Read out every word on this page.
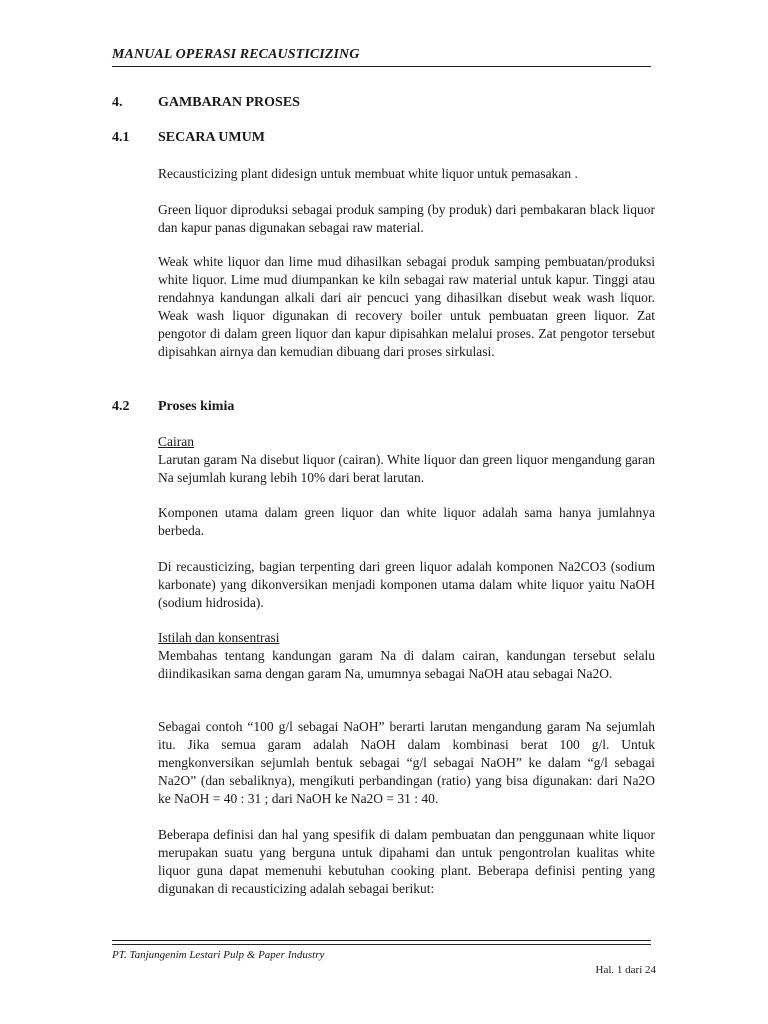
MANUAL OPERASI RECAUSTICIZING
4.	GAMBARAN PROSES
4.1 SECARA UMUM

Recausticizing plant didesign untuk membuat white liquor untuk pemasakan .

Green liquor diproduksi sebagai produk samping (by produk) dari pembakaran black liquor dan kapur panas digunakan sebagai raw material.

Weak white liquor dan lime mud dihasilkan sebagai produk samping pembuatan/produksi white liquor. Lime mud diumpankan ke kiln sebagai raw material untuk kapur. Tinggi atau rendahnya kandungan alkali dari air pencuci yang dihasilkan disebut weak wash liquor. Weak wash liquor digunakan di recovery boiler untuk pembuatan green liquor. Zat pengotor di dalam green liquor dan kapur dipisahkan melalui proses. Zat pengotor tersebut dipisahkan airnya dan kemudian dibuang dari proses sirkulasi.

4.2 Proses kimia
Cairan

Larutan garam Na disebut liquor (cairan). White liquor dan green liquor mengandung garan Na sejumlah kurang lebih 10% dari berat larutan.

Komponen utama dalam green liquor dan white liquor adalah sama hanya jumlahnya berbeda.

Di recausticizing, bagian terpenting dari green liquor adalah komponen Na2CO3 (sodium karbonate) yang dikonversikan menjadi komponen utama dalam white liquor yaitu NaOH (sodium hidrosida).

Istilah dan konsentrasi

Membahas tentang kandungan garam Na di dalam cairan, kandungan tersebut selalu diindikasikan sama dengan garam Na, umumnya sebagai NaOH atau sebagai Na2O.

Sebagai contoh “100 g/l sebagai NaOH” berarti larutan mengandung garam Na sejumlah itu. Jika semua garam adalah NaOH dalam kombinasi berat 100 g/l. Untuk mengkonversikan sejumlah bentuk sebagai “g/l sebagai NaOH” ke dalam “g/l sebagai Na2O” (dan sebaliknya), mengikuti perbandingan (ratio) yang bisa digunakan: dari Na2O ke NaOH = 40 : 31 ; dari NaOH ke Na2O = 31 : 40.

Beberapa definisi dan hal yang spesifik di dalam pembuatan dan penggunaan white liquor merupakan suatu yang berguna untuk dipahami dan untuk pengontrolan kualitas white liquor guna dapat memenuhi kebutuhan cooking plant. Beberapa definisi penting yang digunakan di recausticizing adalah sebagai berikut:

PT. Tanjungenim Lestari Pulp & Paper Industry
Hal. 1 dari 24
